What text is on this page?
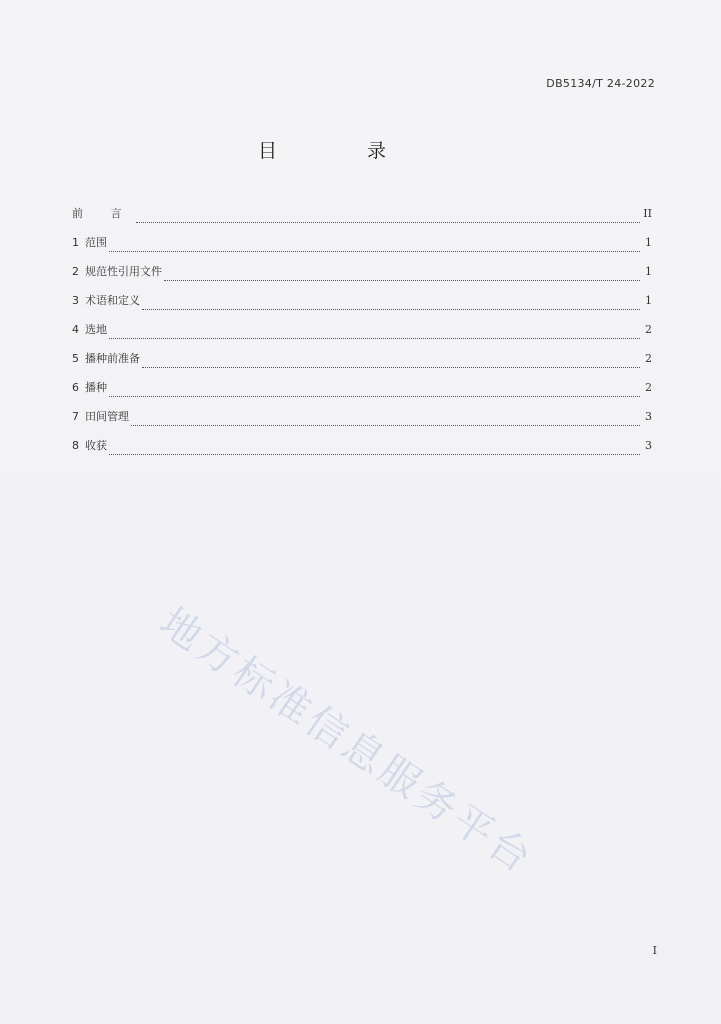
DB5134/T 24-2022
目 录
前 言	II
1 范围	1
2 规范性引用文件	1
3 术语和定义	1
4 选地	2
5 播种前准备	2
6 播种	2
7 田间管理	3
8 收获	3
地方标准信息服务平台
I
